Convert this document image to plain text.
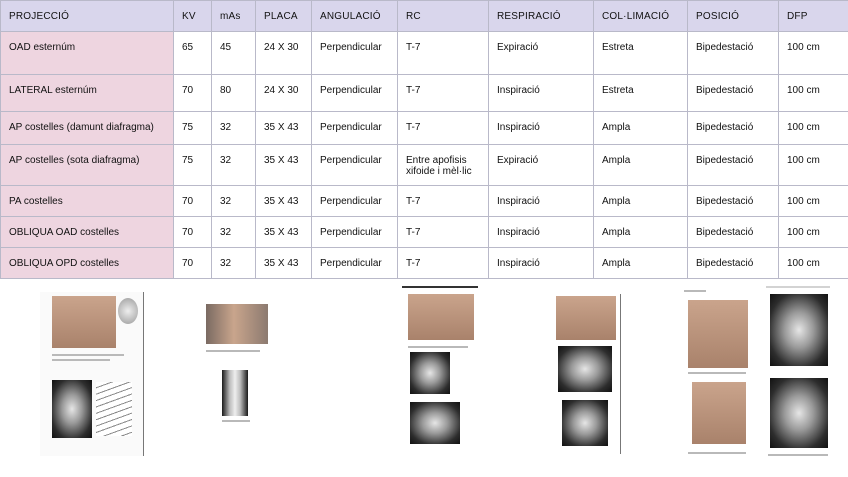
PROJECCIÓ	KV	mAs	PLACA	ANGULACIÓ	RC	RESPIRACIÓ	COL·LIMACIÓ	POSICIÓ	DFP
OAD esternúm	65	45	24 X 30	Perpendicular	T-7	Expiració	Estreta	Bipedestació	100 cm
LATERAL esternúm	70	80	24 X 30	Perpendicular	T-7	Inspiració	Estreta	Bipedestació	100 cm
AP costelles (damunt diafragma)	75	32	35 X 43	Perpendicular	T-7	Inspiració	Ampla	Bipedestació	100 cm
AP costelles (sota diafragma)	75	32	35 X 43	Perpendicular	Entre apofisis xifoide i mèl·lic	Expiració	Ampla	Bipedestació	100 cm
PA costelles	70	32	35 X 43	Perpendicular	T-7	Inspiració	Ampla	Bipedestació	100 cm
OBLIQUA OAD costelles	70	32	35 X 43	Perpendicular	T-7	Inspiració	Ampla	Bipedestació	100 cm
OBLIQUA OPD costelles	70	32	35 X 43	Perpendicular	T-7	Inspiració	Ampla	Bipedestació	100 cm
